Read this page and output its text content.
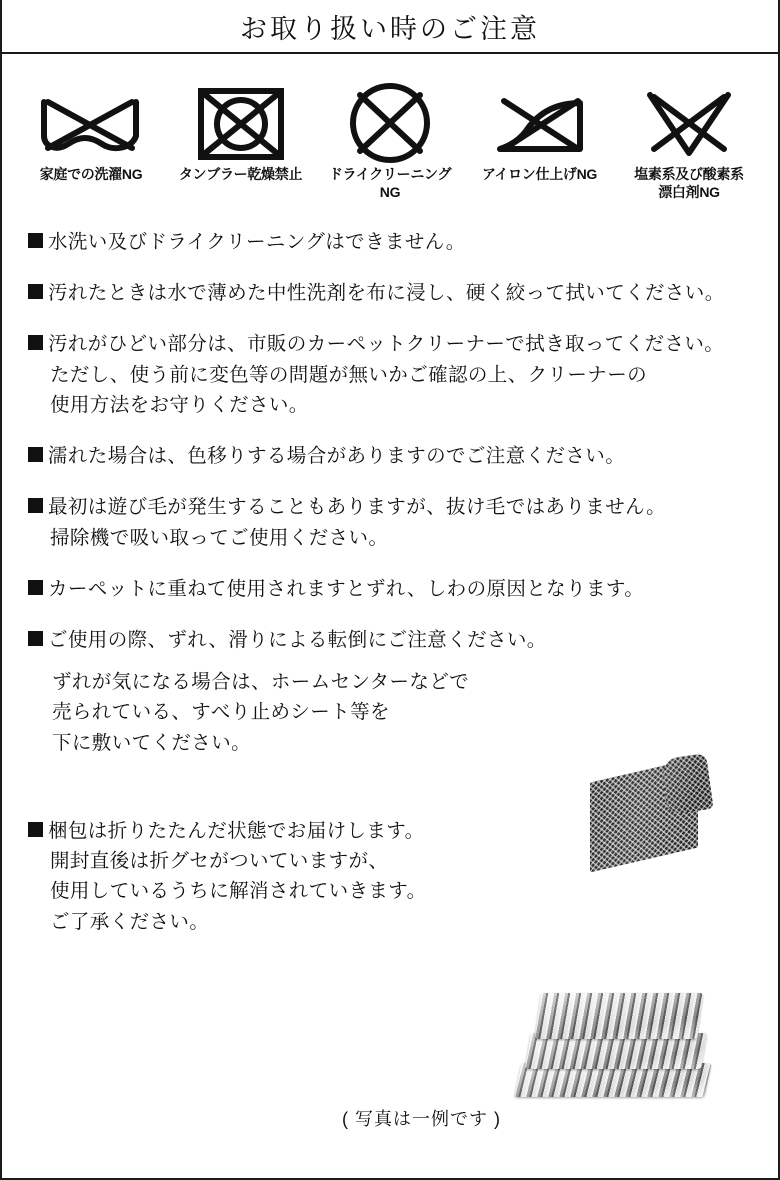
お取り扱い時のご注意
家庭での洗濯NG	タンブラー乾燥禁止	ドライクリーニングNG
アイロン仕上げNG	塩素系及び酸素系
漂白剤NG
水洗い及びドライクリーニングはできません。
汚れたときは水で薄めた中性洗剤を布に浸し、硬く絞って拭いてください。
汚れがひどい部分は、市販のカーペットクリーナーで拭き取ってください。
ただし、使う前に変色等の問題が無いかご確認の上、クリーナーの
使用方法をお守りください。
濡れた場合は、色移りする場合がありますのでご注意ください。
最初は遊び毛が発生することもありますが、抜け毛ではありません。
掃除機で吸い取ってご使用ください。
カーペットに重ねて使用されますとずれ、しわの原因となります。
ご使用の際、ずれ、滑りによる転倒にご注意ください。
ずれが気になる場合は、ホームセンターなどで
売られている、すべり止めシート等を
下に敷いてください。
梱包は折りたたんだ状態でお届けします。
開封直後は折グセがついていますが、
使用しているうちに解消されていきます。
ご了承ください。
( 写真は一例です )
